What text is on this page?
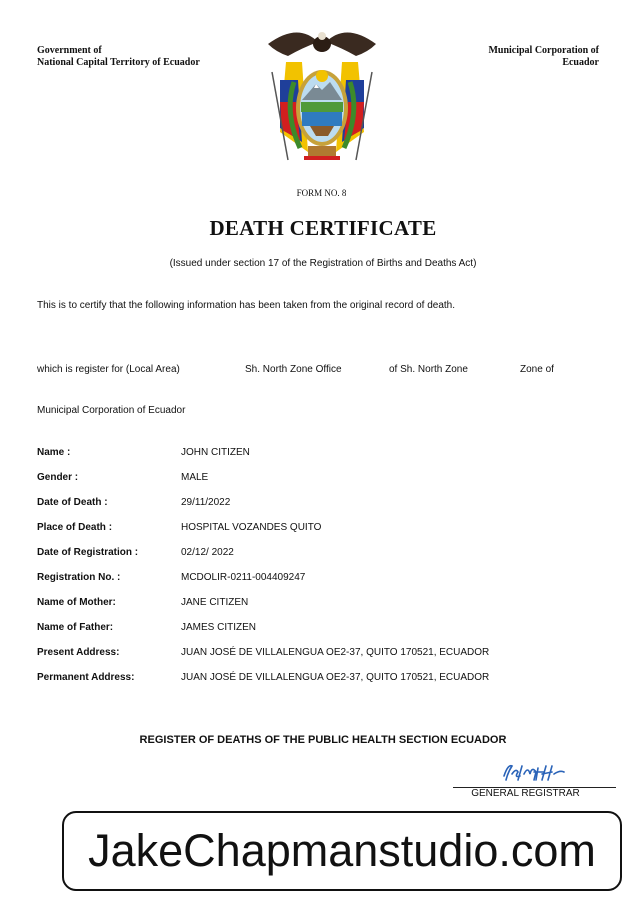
Government of
National Capital Territory of Ecuador
Municipal Corporation of
Ecuador
FORM NO. 8
DEATH CERTIFICATE
(Issued under section 17 of the Registration of Births and Deaths Act)
This is to certify that the following information has been taken from the original record of death.
which is register for (Local Area)	Sh. North Zone Office	of Sh. North Zone	Zone of
Municipal Corporation of Ecuador
Name :	JOHN CITIZEN
Gender :	MALE
Date of Death :	29/11/2022
Place of Death :	HOSPITAL VOZANDES QUITO
Date of Registration :	02/12/ 2022
Registration No. :	MCDOLIR-0211-004409247
Name of Mother:	JANE CITIZEN
Name of Father:	JAMES CITIZEN
Present Address:	JUAN JOSÉ DE VILLALENGUA OE2-37, QUITO 170521, ECUADOR
Permanent Address:	JUAN JOSÉ DE VILLALENGUA OE2-37, QUITO 170521, ECUADOR
REGISTER OF DEATHS OF THE PUBLIC HEALTH SECTION ECUADOR
GENERAL REGISTRAR
JakeChapmanstudio.com
